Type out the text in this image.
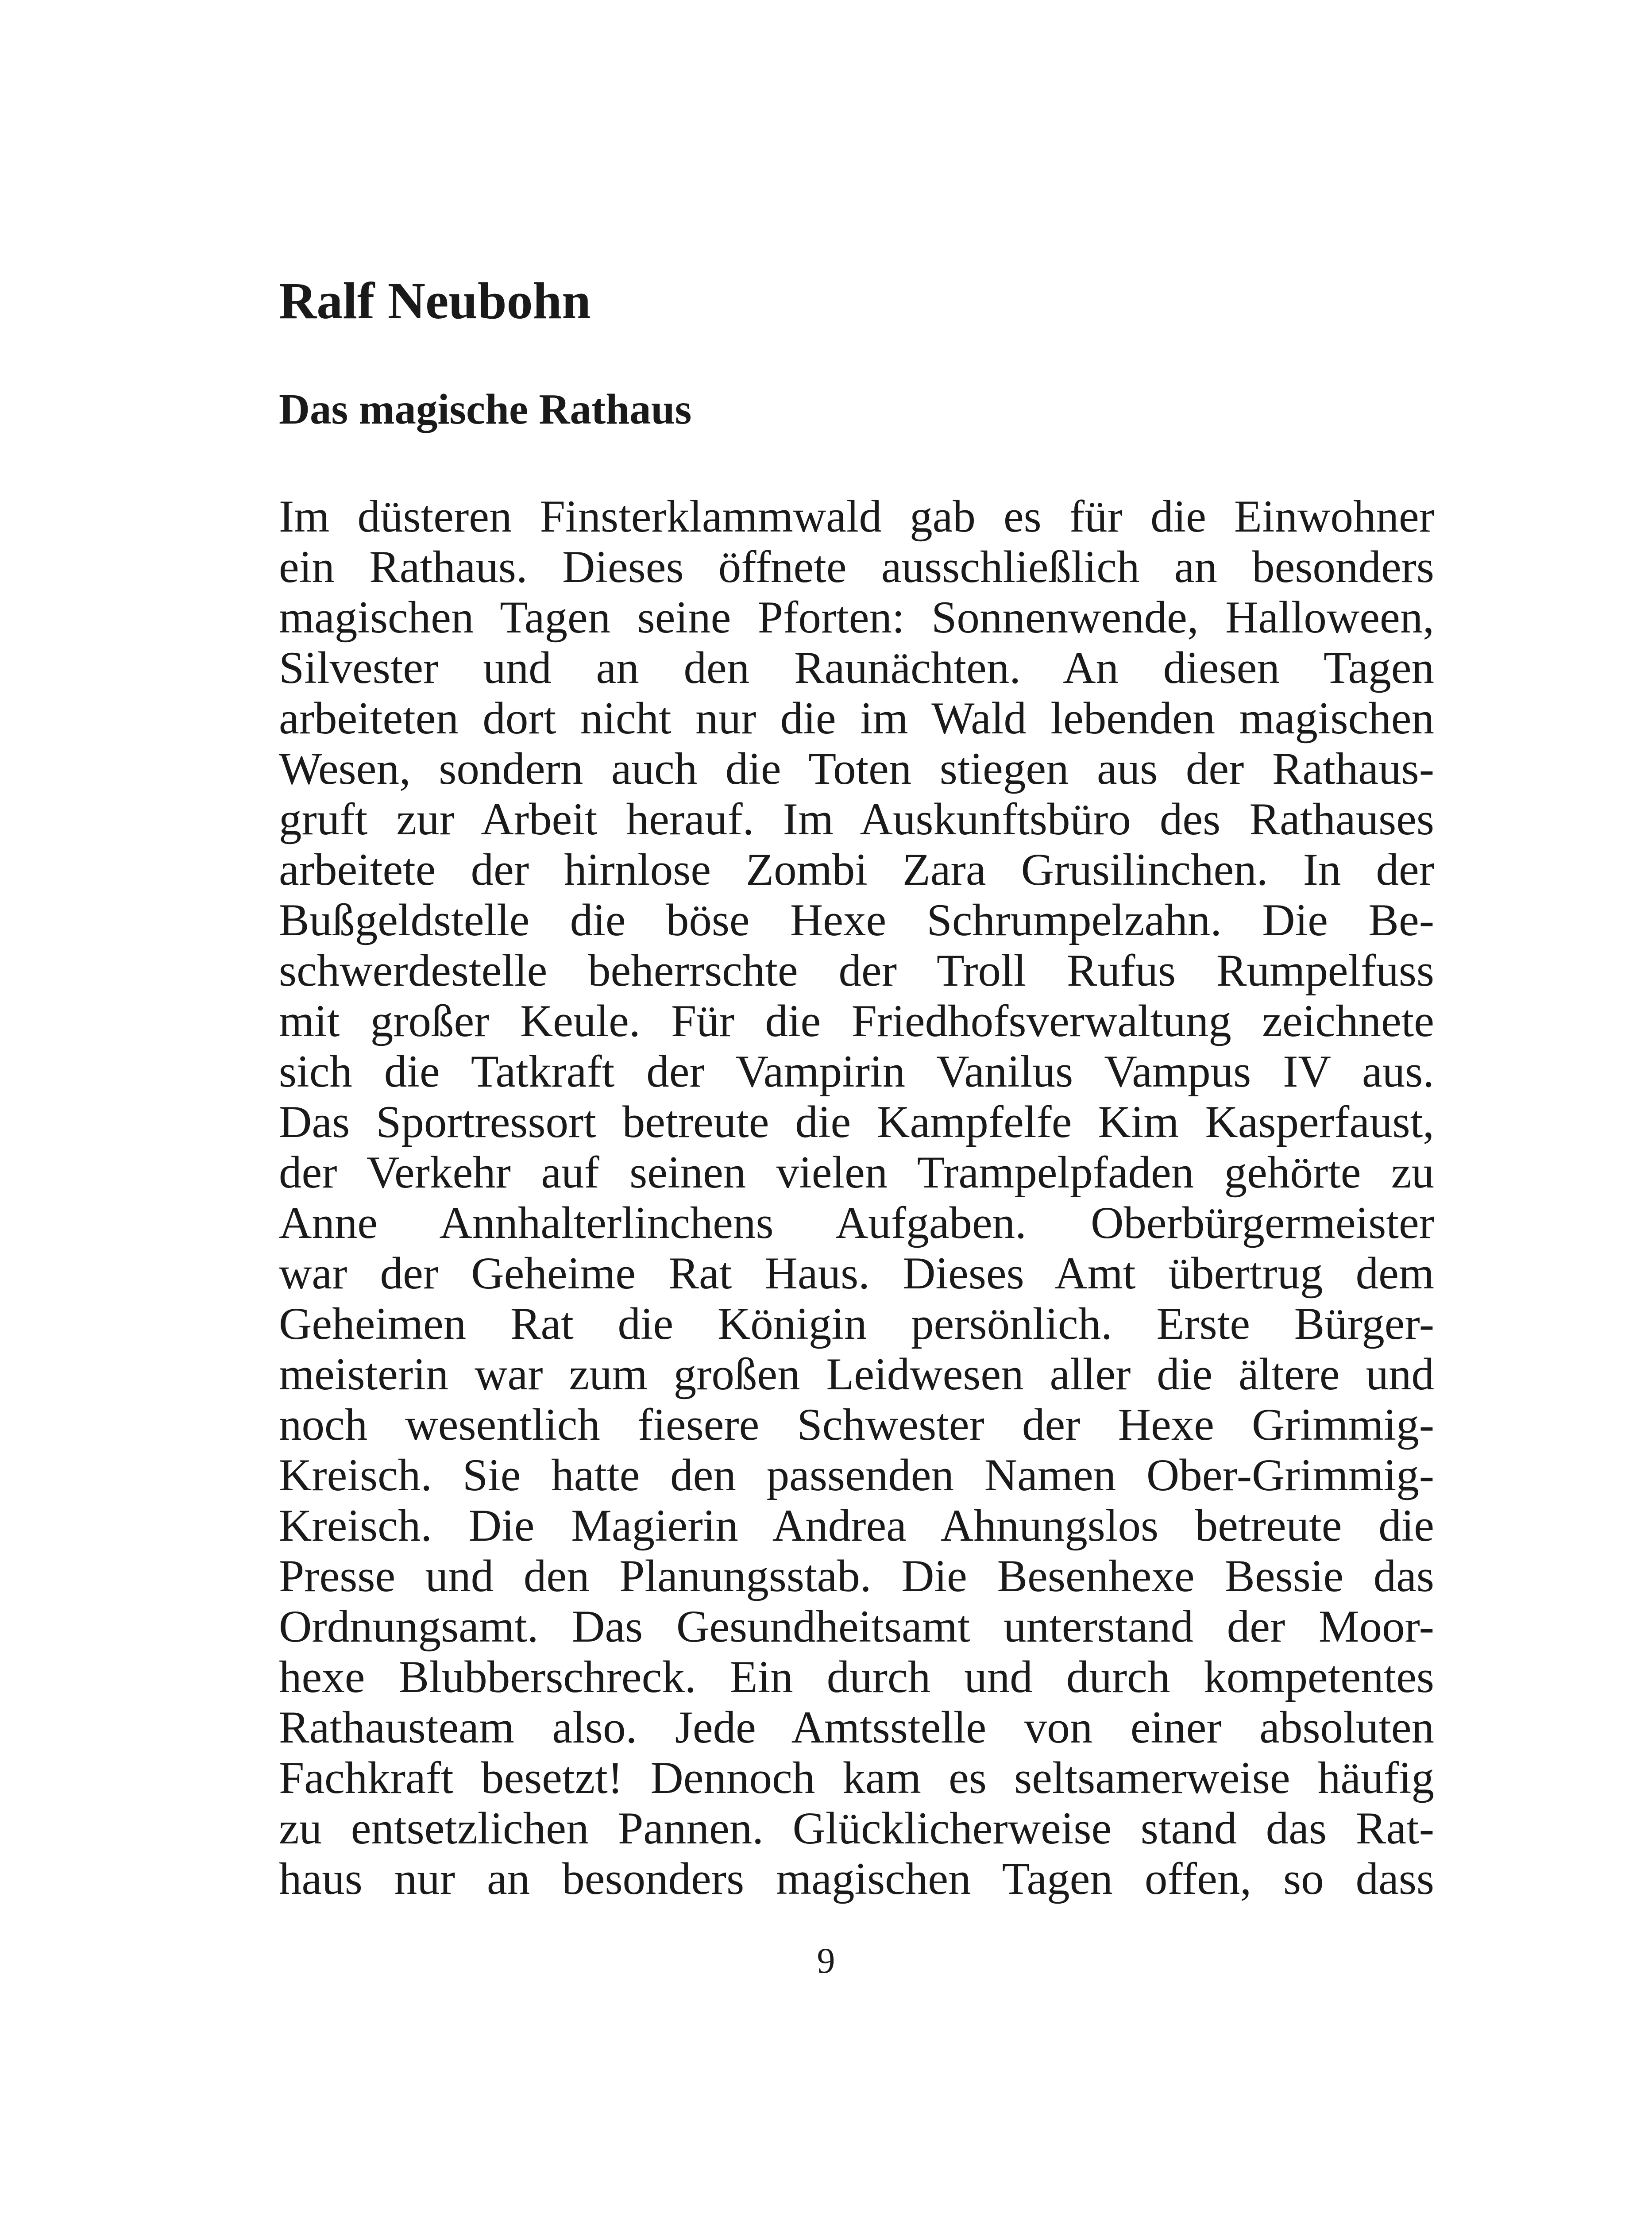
Ralf Neubohn
Das magische Rathaus
Im düsteren Finsterklammwald gab es für die Einwohner
ein Rathaus. Dieses öffnete ausschließlich an besonders
magischen Tagen seine Pforten: Sonnenwende, Halloween,
Silvester und an den Raunächten. An diesen Tagen
arbeiteten dort nicht nur die im Wald lebenden magischen
Wesen, sondern auch die Toten stiegen aus der Rathaus-
gruft zur Arbeit herauf. Im Auskunftsbüro des Rathauses
arbeitete der hirnlose Zombi Zara Grusilinchen. In der
Bußgeldstelle die böse Hexe Schrumpelzahn. Die Be-
schwerdestelle beherrschte der Troll Rufus Rumpelfuss
mit großer Keule. Für die Friedhofsverwaltung zeichnete
sich die Tatkraft der Vampirin Vanilus Vampus IV aus.
Das Sportressort betreute die Kampfelfe Kim Kasperfaust,
der Verkehr auf seinen vielen Trampelpfaden gehörte zu
Anne Annhalterlinchens Aufgaben. Oberbürgermeister
war der Geheime Rat Haus. Dieses Amt übertrug dem
Geheimen Rat die Königin persönlich. Erste Bürger-
meisterin war zum großen Leidwesen aller die ältere und
noch wesentlich fiesere Schwester der Hexe Grimmig-
Kreisch. Sie hatte den passenden Namen Ober-Grimmig-
Kreisch. Die Magierin Andrea Ahnungslos betreute die
Presse und den Planungsstab. Die Besenhexe Bessie das
Ordnungsamt. Das Gesundheitsamt unterstand der Moor-
hexe Blubberschreck. Ein durch und durch kompetentes
Rathausteam also. Jede Amtsstelle von einer absoluten
Fachkraft besetzt! Dennoch kam es seltsamerweise häufig
zu entsetzlichen Pannen. Glücklicherweise stand das Rat-
haus nur an besonders magischen Tagen offen, so dass
9
